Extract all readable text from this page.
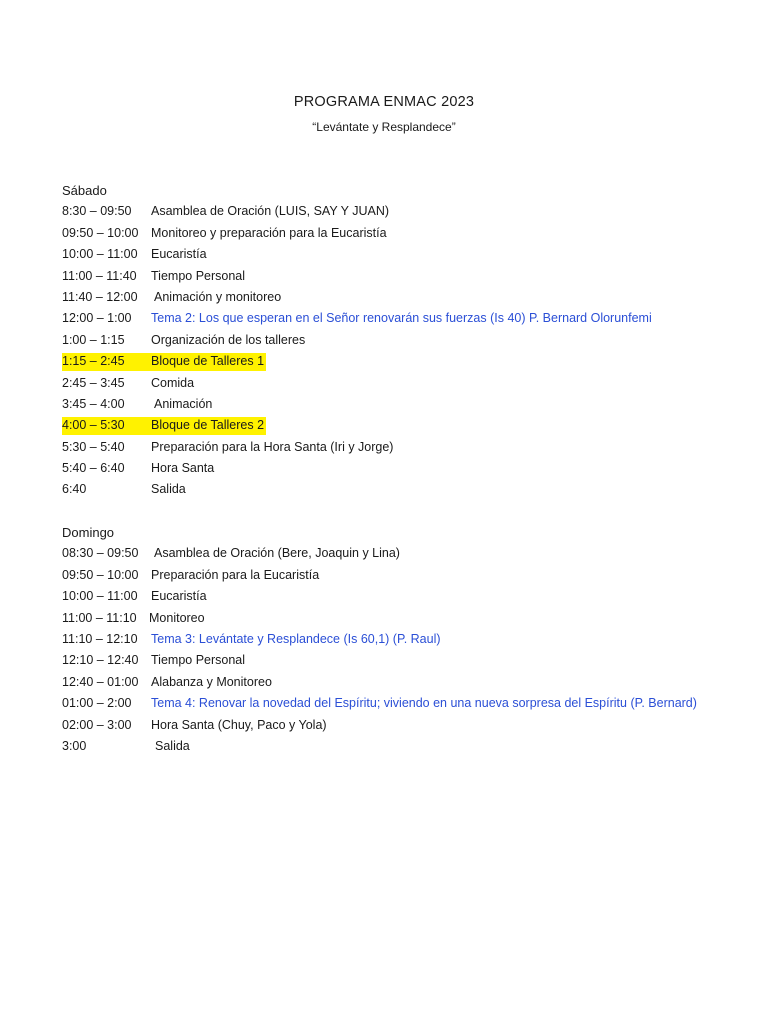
PROGRAMA ENMAC 2023
“Levántate y Resplandece”
Sábado
8:30 – 09:50 Asamblea de Oración (LUIS, SAY Y JUAN)
09:50 – 10:00 Monitoreo y preparación para la Eucaristía
10:00 – 11:00 Eucaristía
11:00 – 11:40 Tiempo Personal
11:40 – 12:00 Animación y monitoreo
12:00 – 1:00 Tema 2: Los que esperan en el Señor renovarán sus fuerzas (Is 40) P. Bernard Olorunfemi
1:00 – 1:15 Organización de los talleres
1:15 – 2:45 Bloque de Talleres 1
2:45 – 3:45 Comida
3:45 – 4:00 Animación
4:00 – 5:30 Bloque de Talleres 2
5:30 – 5:40 Preparación para la Hora Santa (Iri y Jorge)
5:40 – 6:40 Hora Santa
6:40	Salida
Domingo
08:30 – 09:50 Asamblea de Oración (Bere, Joaquin y Lina)
09:50 – 10:00 Preparación para la Eucaristía
10:00 – 11:00 Eucaristía
11:00 – 11:10 Monitoreo
11:10 – 12:10 Tema 3: Levántate y Resplandece (Is 60,1) (P. Raul)
12:10 – 12:40 Tiempo Personal
12:40 – 01:00 Alabanza y Monitoreo
01:00 – 2:00 Tema 4: Renovar la novedad del Espíritu; viviendo en una nueva sorpresa del Espíritu (P. Bernard)
02:00 – 3:00 Hora Santa (Chuy, Paco y Yola)
3:00	Salida
